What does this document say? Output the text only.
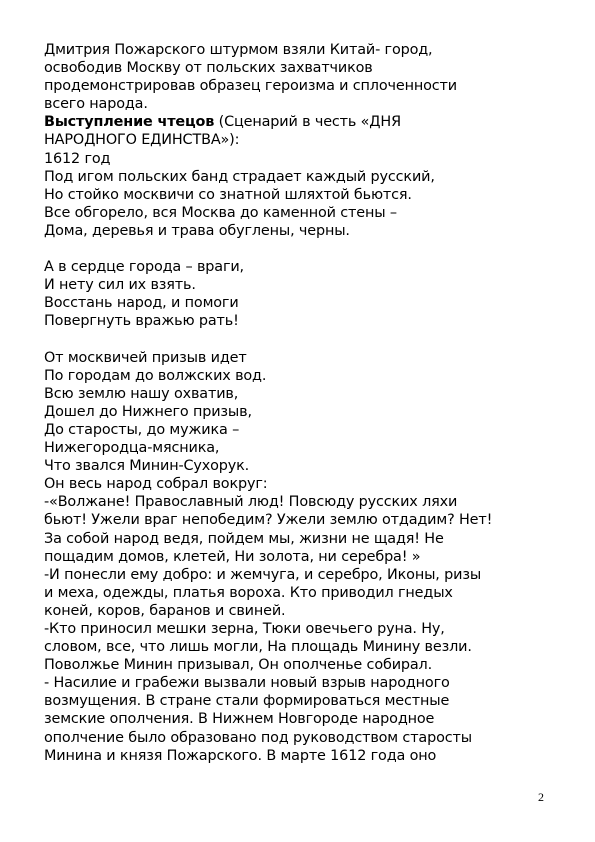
Дмитрия Пожарского штурмом взяли Китай- город,
освободив Москву от польских захватчиков
продемонстрировав образец героизма и сплоченности
всего народа.
Выступление чтецов (Сценарий в честь «ДНЯ
НАРОДНОГО ЕДИНСТВА»):
1612 год
Под игом польских банд страдает каждый русский,
Но стойко москвичи со знатной шляхтой бьются.
Все обгорело, вся Москва до каменной стены –
Дома, деревья и трава обуглены, черны.
А в сердце города – враги,
И нету сил их взять.
Восстань народ, и помоги
Повергнуть вражью рать!
От москвичей призыв идет
По городам до волжских вод.
Всю землю нашу охватив,
Дошел до Нижнего призыв,
До старосты, до мужика –
Нижегородца-мясника,
Что звался Минин-Сухорук.
Он весь народ собрал вокруг:
-«Волжане! Православный люд! Повсюду русских ляхи
бьют! Ужели враг непобедим? Ужели землю отдадим? Нет!
За собой народ ведя, пойдем мы, жизни не щадя! Не
пощадим домов, клетей, Ни золота, ни серебра! »
-И понесли ему добро: и жемчуга, и серебро, Иконы, ризы
и меха, одежды, платья вороха. Кто приводил гнедых
коней, коров, баранов и свиней.
-Кто приносил мешки зерна, Тюки овечьего руна. Ну,
словом, все, что лишь могли, На площадь Минину везли.
Поволжье Минин призывал, Он ополченье собирал.
- Насилие и грабежи вызвали новый взрыв народного
возмущения. В стране стали формироваться местные
земские ополчения. В Нижнем Новгороде народное
ополчение было образовано под руководством старосты
Минина и князя Пожарского. В марте 1612 года оно
2
